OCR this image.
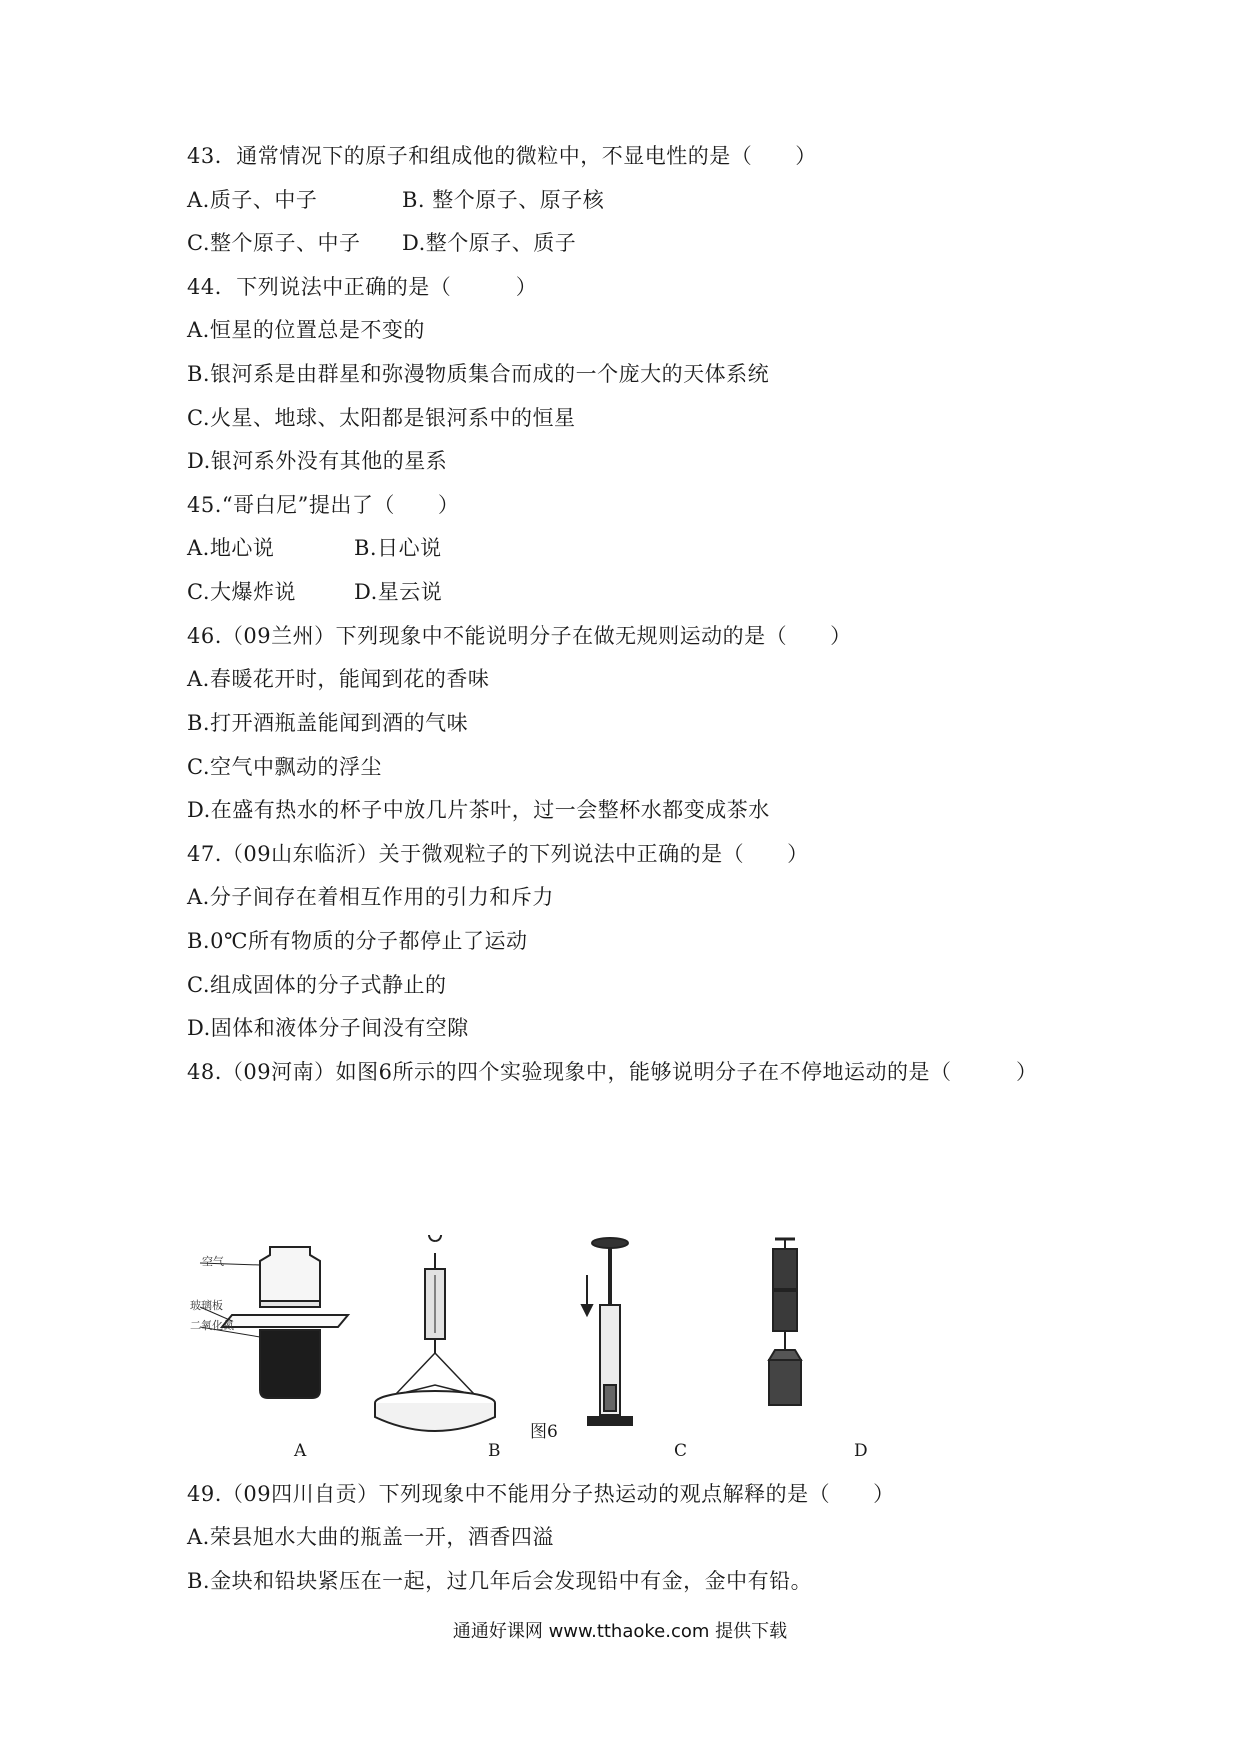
43．通常情况下的原子和组成他的微粒中，不显电性的是（　　）
A.质子、中子	B. 整个原子、原子核
C.整个原子、中子 D.整个原子、质子
44．下列说法中正确的是（　　　）
A.恒星的位置总是不变的
B.银河系是由群星和弥漫物质集合而成的一个庞大的天体系统
C.火星、地球、太阳都是银河系中的恒星
D.银河系外没有其他的星系
45.“哥白尼”提出了（　　）
A.地心说	B.日心说
C.大爆炸说	D.星云说
46.（09兰州）下列现象中不能说明分子在做无规则运动的是（　　）
A.春暖花开时，能闻到花的香味
B.打开酒瓶盖能闻到酒的气味
C.空气中飘动的浮尘
D.在盛有热水的杯子中放几片茶叶，过一会整杯水都变成茶水
47.（09山东临沂）关于微观粒子的下列说法中正确的是（　　）
A.分子间存在着相互作用的引力和斥力
B.0℃所有物质的分子都停止了运动
C.组成固体的分子式静止的
D.固体和液体分子间没有空隙
48.（09河南）如图6所示的四个实验现象中，能够说明分子在不停地运动的是（　　　）
空气
玻璃板
二氧化氮
图6
A	B	C	D
49.（09四川自贡）下列现象中不能用分子热运动的观点解释的是（　　）
A.荣县旭水大曲的瓶盖一开，酒香四溢
B.金块和铅块紧压在一起，过几年后会发现铅中有金，金中有铅。
通通好课网 www.tthaoke.com 提供下载
